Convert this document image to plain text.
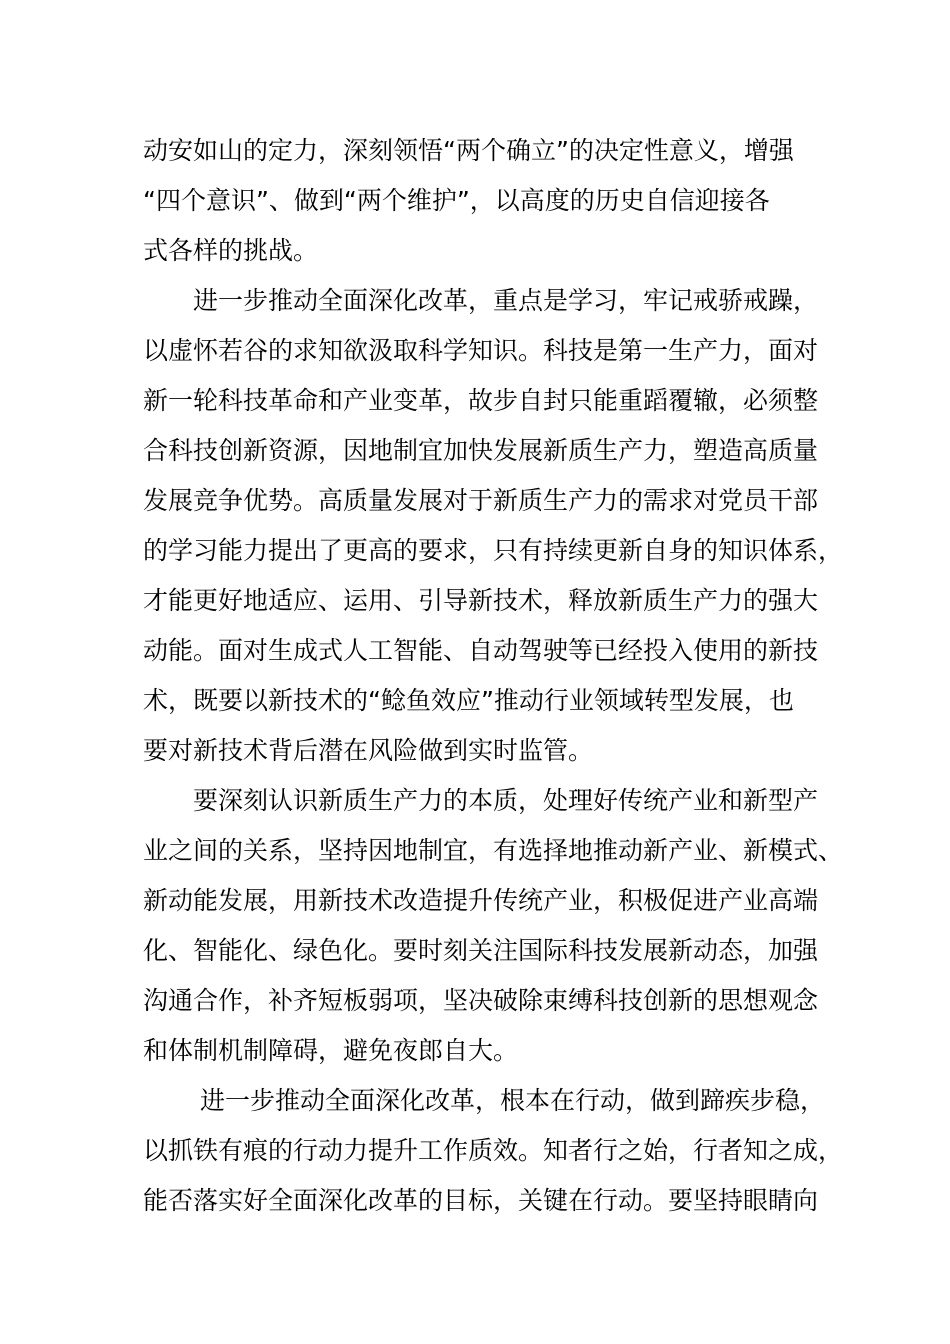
动安如山的定力，深刻领悟“两个确立”的决定性意义，增强
“四个意识”、做到“两个维护”，以高度的历史自信迎接各
式各样的挑战。
进一步推动全面深化改革，重点是学习，牢记戒骄戒躁，
以虚怀若谷的求知欲汲取科学知识。科技是第一生产力，面对
新一轮科技革命和产业变革，故步自封只能重蹈覆辙，必须整
合科技创新资源，因地制宜加快发展新质生产力，塑造高质量
发展竞争优势。高质量发展对于新质生产力的需求对党员干部
的学习能力提出了更高的要求，只有持续更新自身的知识体系，
才能更好地适应、运用、引导新技术，释放新质生产力的强大
动能。面对生成式人工智能、自动驾驶等已经投入使用的新技
术，既要以新技术的“鲶鱼效应”推动行业领域转型发展，也
要对新技术背后潜在风险做到实时监管。
要深刻认识新质生产力的本质，处理好传统产业和新型产
业之间的关系，坚持因地制宜，有选择地推动新产业、新模式、
新动能发展，用新技术改造提升传统产业，积极促进产业高端
化、智能化、绿色化。要时刻关注国际科技发展新动态，加强
沟通合作，补齐短板弱项，坚决破除束缚科技创新的思想观念
和体制机制障碍，避免夜郎自大。
进一步推动全面深化改革，根本在行动，做到蹄疾步稳，
以抓铁有痕的行动力提升工作质效。知者行之始，行者知之成，
能否落实好全面深化改革的目标，关键在行动。要坚持眼睛向
